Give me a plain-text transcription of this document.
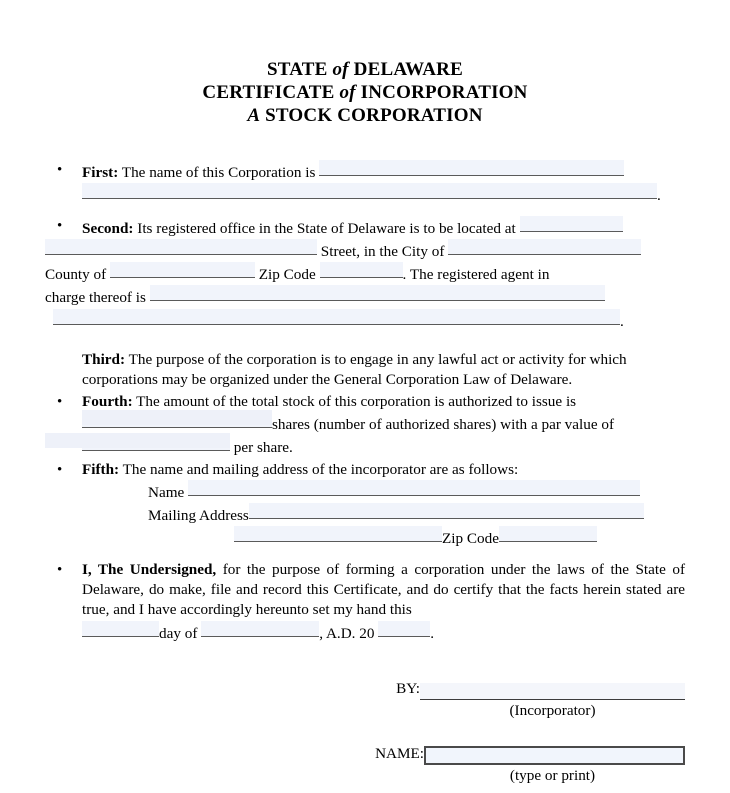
STATE of DELAWARE
CERTIFICATE of INCORPORATION
A STOCK CORPORATION
•
First: The name of this Corporation is
.
•
Second: Its registered office in the State of Delaware is to be located at
Street, in the City of
County of	Zip Code	. The registered agent in
charge thereof is
.
Third: The purpose of the corporation is to engage in any lawful act or activity for which corporations may be organized under the General Corporation Law of Delaware.
•
Fourth: The amount of the total stock of this corporation is authorized to issue is
shares (number of authorized shares) with a par value of
per share.
•
Fifth: The name and mailing address of the incorporator are as follows:
Name
Mailing Address
Zip Code
•
I, The Undersigned, for the purpose of forming a corporation under the laws of the State of Delaware, do make, file and record this Certificate, and do certify that the facts herein stated are true, and I have accordingly hereunto set my hand this
day of	, A.D. 20	.
BY:
(Incorporator)
NAME:
(type or print)
